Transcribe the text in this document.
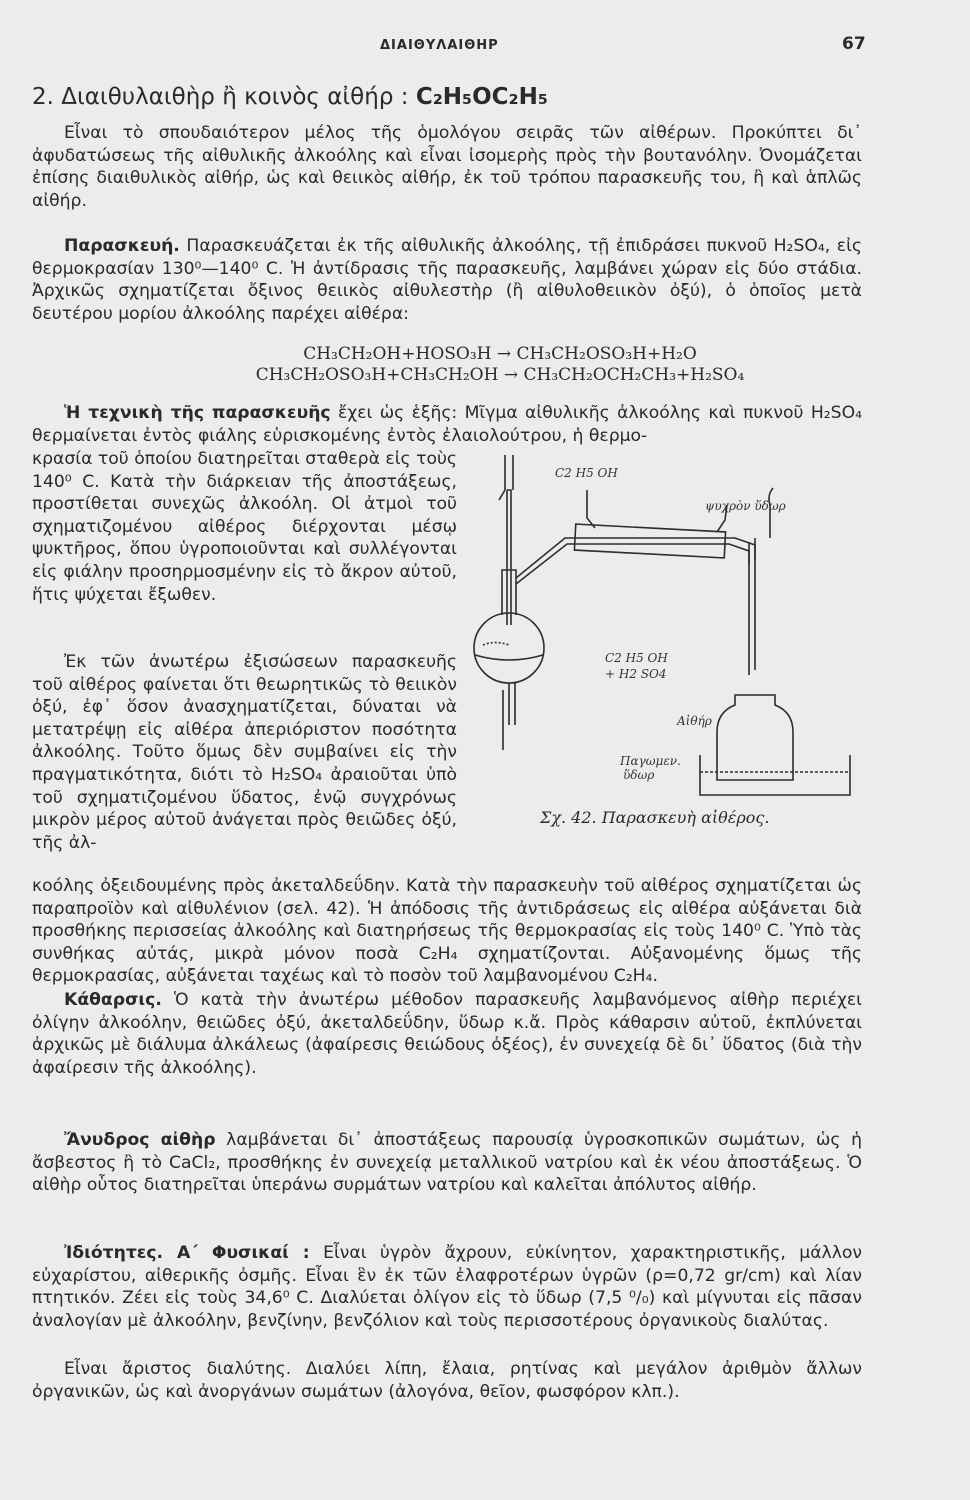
ΔΙΑΙΘΥΛΑΙΘΗΡ	67
2. Διαιθυλαιθὴρ ἢ κοινὸς αἰθήρ : C₂H₅OC₂H₅

Εἶναι τὸ σπουδαιότερον μέλος τῆς ὁμολόγου σειρᾶς τῶν αἰθέρων. Προκύπτει δι᾽ ἀφυδατώσεως τῆς αἰθυλικῆς ἀλκοόλης καὶ εἶναι ἰσομερὴς πρὸς τὴν βουτανόλην. Ὀνομάζεται ἐπίσης διαιθυλικὸς αἰθήρ, ὡς καὶ θειικὸς αἰθήρ, ἐκ τοῦ τρόπου παρασκευῆς του, ἢ καὶ ἁπλῶς αἰθήρ.

Παρασκευή. Παρασκευάζεται ἐκ τῆς αἰθυλικῆς ἀλκοόλης, τῇ ἐπιδράσει πυκνοῦ H₂SO₄, εἰς θερμοκρασίαν 130⁰—140⁰ C. Ἡ ἀντίδρασις τῆς παρασκευῆς, λαμβάνει χώραν εἰς δύο στάδια. Ἀρχικῶς σχηματίζεται ὄξινος θειικὸς αἰθυλεστὴρ (ἢ αἰθυλοθειικὸν ὀξύ), ὁ ὁποῖος μετὰ δευτέρου μορίου ἀλκοόλης παρέχει αἰθέρα:

CH₃CH₂OH+HOSO₃H → CH₃CH₂OSO₃H+H₂O
CH₃CH₂OSO₃H+CH₃CH₂OH → CH₃CH₂OCH₂CH₃+H₂SO₄

Ἡ τεχνικὴ τῆς παρασκευῆς ἔχει ὡς ἑξῆς: Μῖγμα αἰθυλικῆς ἀλκοόλης καὶ πυκνοῦ H₂SO₄ θερμαίνεται ἐντὸς φιάλης εὑρισκομένης ἐντὸς ἐλαιολούτρου, ἡ θερμο-

κρασία τοῦ ὁποίου διατηρεῖται σταθερὰ εἰς τοὺς 140⁰ C. Κατὰ τὴν διάρκειαν τῆς ἀποστάξεως, προστίθεται συνεχῶς ἀλκοόλη. Οἱ ἀτμοὶ τοῦ σχηματιζομένου αἰθέρος διέρχονται μέσῳ ψυκτῆρος, ὅπου ὑγροποιοῦνται καὶ συλλέγονται εἰς φιάλην προσηρμοσμένην εἰς τὸ ἄκρον αὐτοῦ, ἥτις ψύχεται ἔξωθεν.

Ἐκ τῶν ἀνωτέρω ἐξισώσεων παρασκευῆς τοῦ αἰθέρος φαίνεται ὅτι θεωρητικῶς τὸ θειικὸν ὀξύ, ἐφ᾽ ὅσον ἀνασχηματίζεται, δύναται νὰ μετατρέψῃ εἰς αἰθέρα ἀπεριόριστον ποσότητα ἀλκοόλης. Τοῦτο ὅμως δὲν συμβαίνει εἰς τὴν πραγματικότητα, διότι τὸ H₂SO₄ ἀραιοῦται ὑπὸ τοῦ σχηματιζομένου ὕδατος, ἐνῷ συγχρόνως μικρὸν μέρος αὐτοῦ ἀνάγεται πρὸς θειῶδες ὀξύ, τῆς ἀλ-

κοόλης ὀξειδουμένης πρὸς ἀκεταλδεΰδην. Κατὰ τὴν παρασκευὴν τοῦ αἰθέρος σχηματίζεται ὡς παραπροϊὸν καὶ αἰθυλένιον (σελ. 42). Ἡ ἀπόδοσις τῆς ἀντιδράσεως εἰς αἰθέρα αὐξάνεται διὰ προσθήκης περισσείας ἀλκοόλης καὶ διατηρήσεως τῆς θερμοκρασίας εἰς τοὺς 140⁰ C. Ὑπὸ τὰς συνθήκας αὐτάς, μικρὰ μόνον ποσὰ C₂H₄ σχηματίζονται. Αὐξανομένης ὅμως τῆς θερμοκρασίας, αὐξάνεται ταχέως καὶ τὸ ποσὸν τοῦ λαμβανομένου C₂H₄.

Κάθαρσις. Ὁ κατὰ τὴν ἀνωτέρω μέθοδον παρασκευῆς λαμβανόμενος αἰθὴρ περιέχει ὀλίγην ἀλκοόλην, θειῶδες ὀξύ, ἀκεταλδεΰδην, ὕδωρ κ.ἄ. Πρὸς κάθαρσιν αὐτοῦ, ἐκπλύνεται ἀρχικῶς μὲ διάλυμα ἀλκάλεως (ἀφαίρεσις θειώδους ὀξέος), ἐν συνεχείᾳ δὲ δι᾽ ὕδατος (διὰ τὴν ἀφαίρεσιν τῆς ἀλκοόλης).

Ἄνυδρος αἰθὴρ λαμβάνεται δι᾽ ἀποστάξεως παρουσίᾳ ὑγροσκοπικῶν σωμάτων, ὡς ἡ ἄσβεστος ἢ τὸ CaCl₂, προσθήκης ἐν συνεχείᾳ μεταλλικοῦ νατρίου καὶ ἐκ νέου ἀποστάξεως. Ὁ αἰθὴρ οὗτος διατηρεῖται ὑπεράνω συρμάτων νατρίου καὶ καλεῖται ἀπόλυτος αἰθήρ.

Ἰδιότητες. Α΄ Φυσικαί : Εἶναι ὑγρὸν ἄχρουν, εὐκίνητον, χαρακτηριστικῆς, μάλλον εὐχαρίστου, αἰθερικῆς ὀσμῆς. Εἶναι ἓν ἐκ τῶν ἐλαφροτέρων ὑγρῶν (ρ=0,72 gr/cm) καὶ λίαν πτητικόν. Ζέει εἰς τοὺς 34,6⁰ C. Διαλύεται ὀλίγον εἰς τὸ ὕδωρ (7,5 ⁰/₀) καὶ μίγνυται εἰς πᾶσαν ἀναλογίαν μὲ ἀλκοόλην, βενζίνην, βενζόλιον καὶ τοὺς περισσοτέρους ὀργανικοὺς διαλύτας.

Εἶναι ἄριστος διαλύτης. Διαλύει λίπη, ἔλαια, ρητίνας καὶ μεγάλον ἀριθμὸν ἄλλων ὀργανικῶν, ὡς καὶ ἀνοργάνων σωμάτων (ἀλογόνα, θεῖον, φωσφόρον κλπ.).

C2 H5 OH
ψυχρὸν ὕδωρ
C2 H5 OH
+ H2 SO4
Αἰθήρ
Παγωμεν.
ὕδωρ
Σχ. 42. Παρασκευὴ αἰθέρος.
